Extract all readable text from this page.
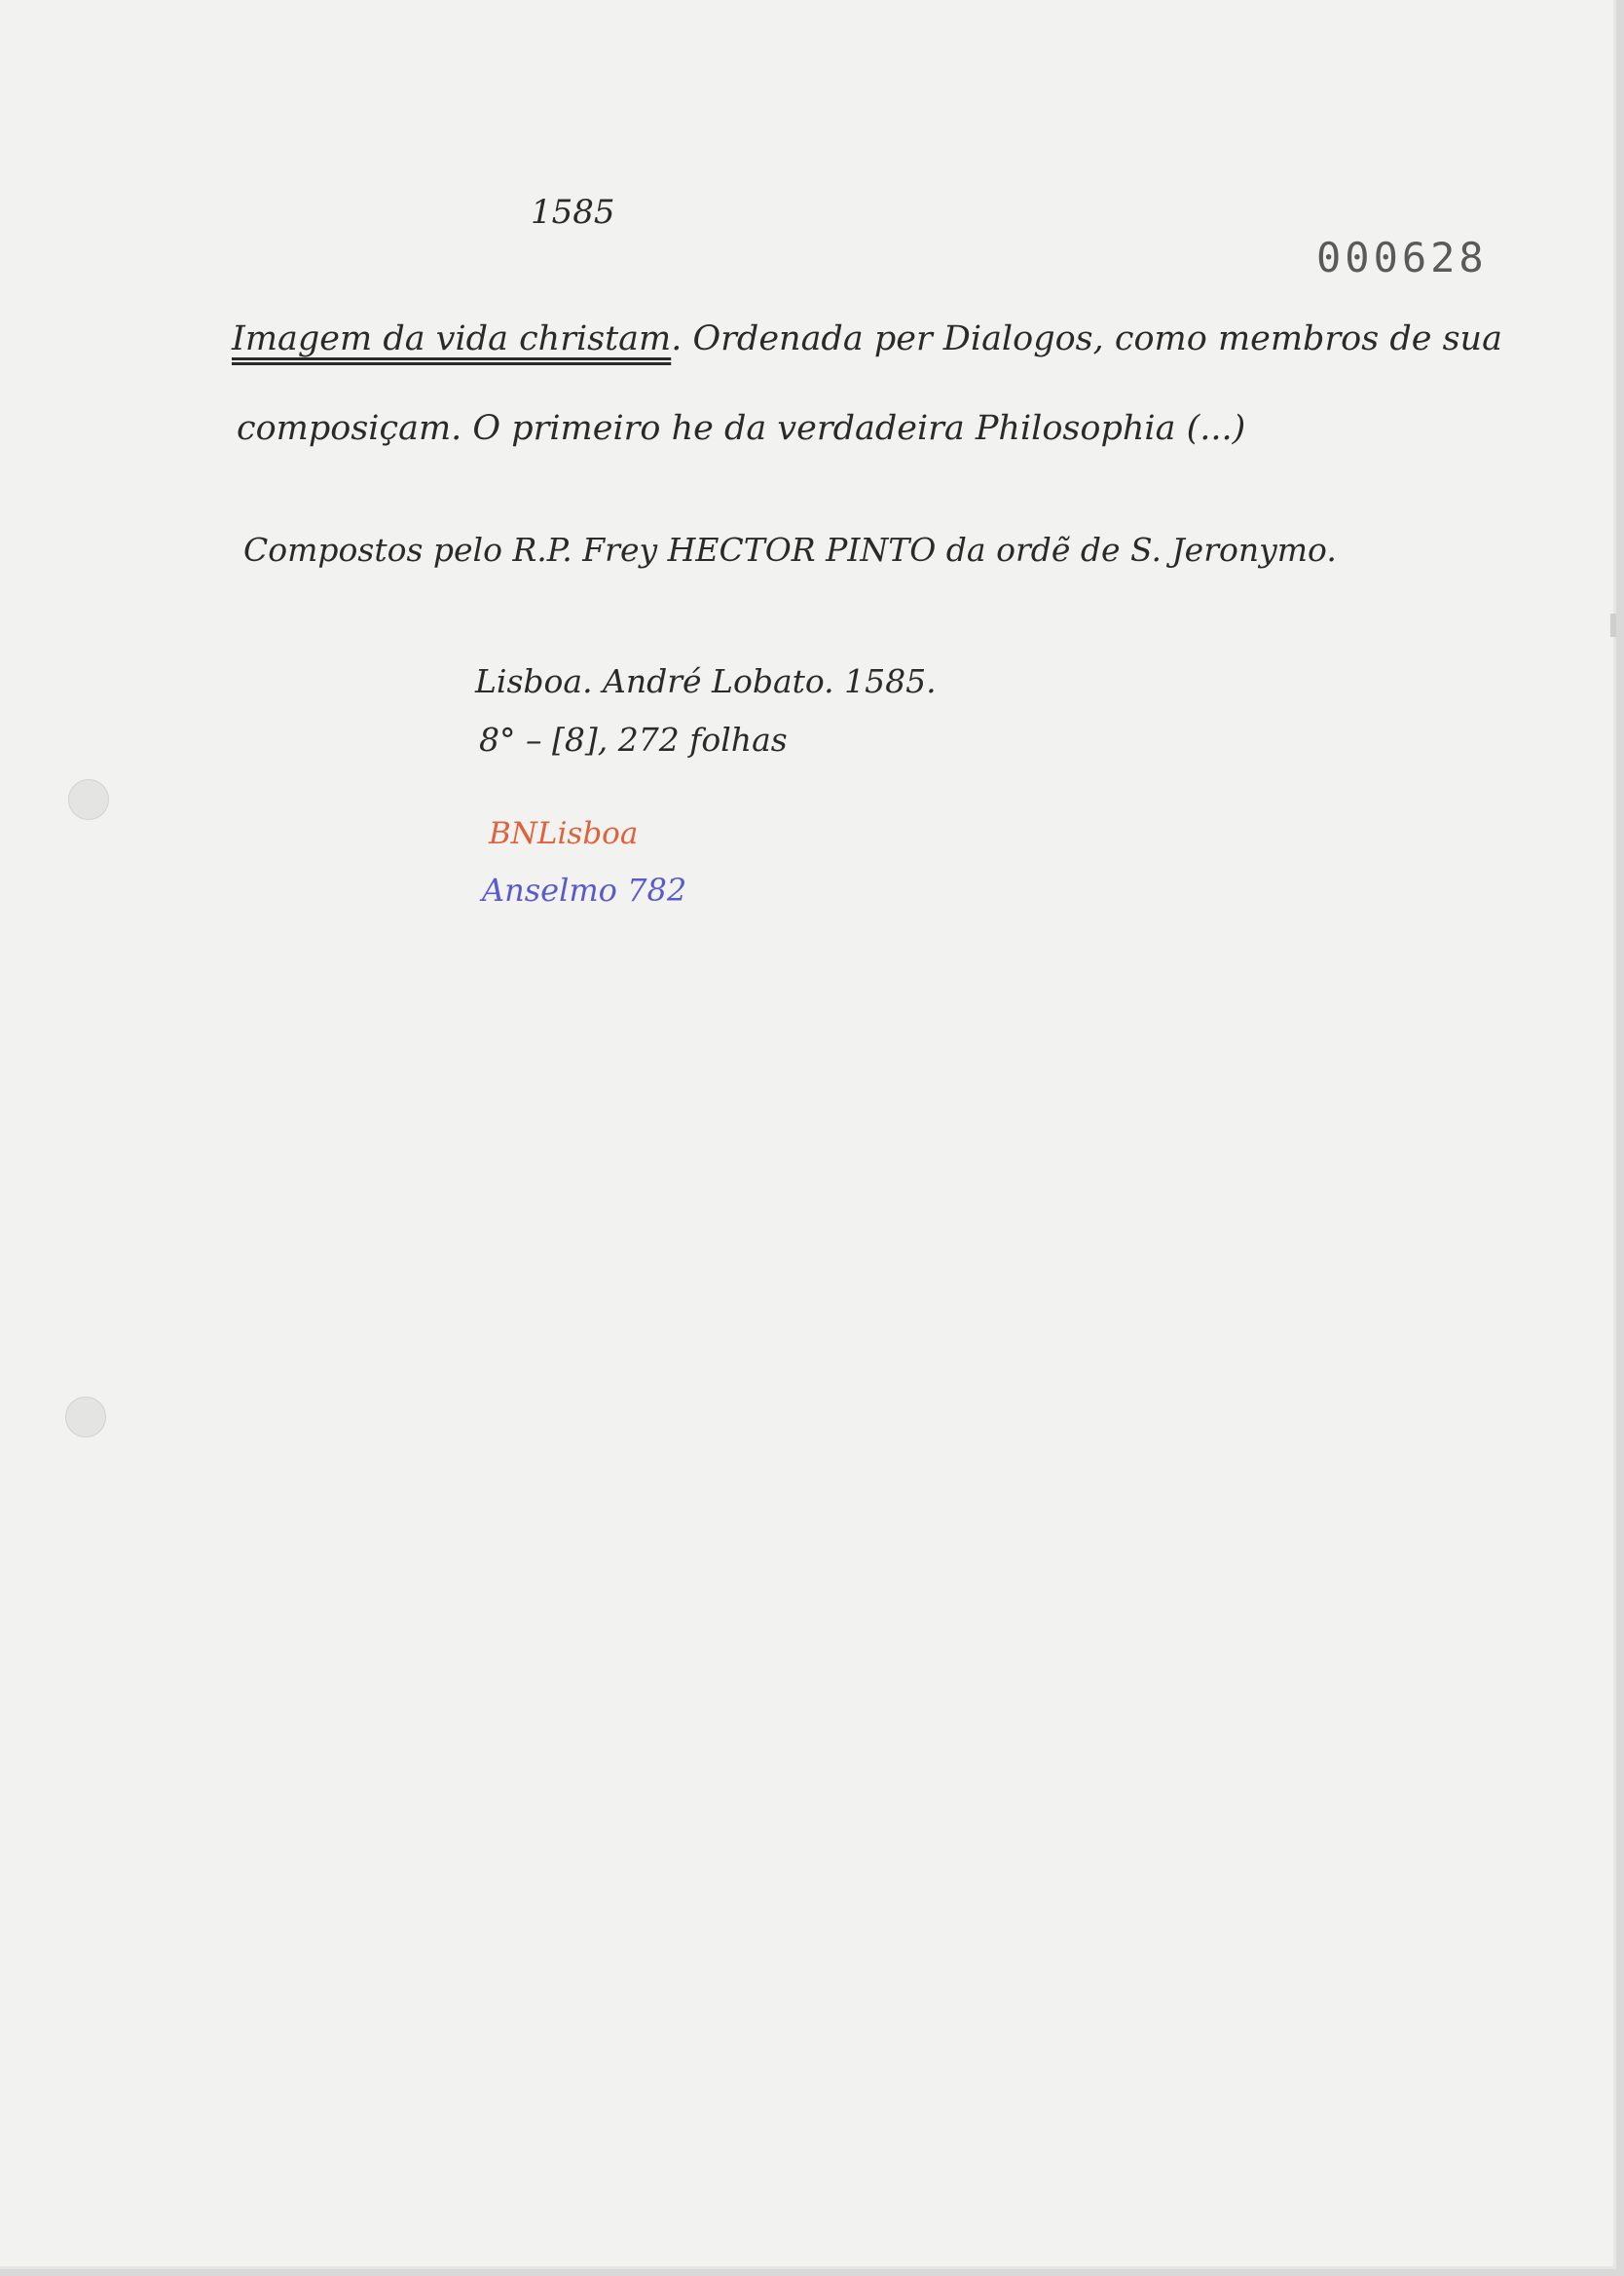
1585
000628
Imagem da vida christam. Ordenada per Dialogos, como membros de sua
composiçam. O primeiro he da verdadeira Philosophia (...)
Compostos pelo R.P. Frey HECTOR PINTO da ordẽ de S. Jeronymo.
Lisboa. André Lobato. 1585.
8° – [8], 272 folhas
BNLisboa
Anselmo 782
